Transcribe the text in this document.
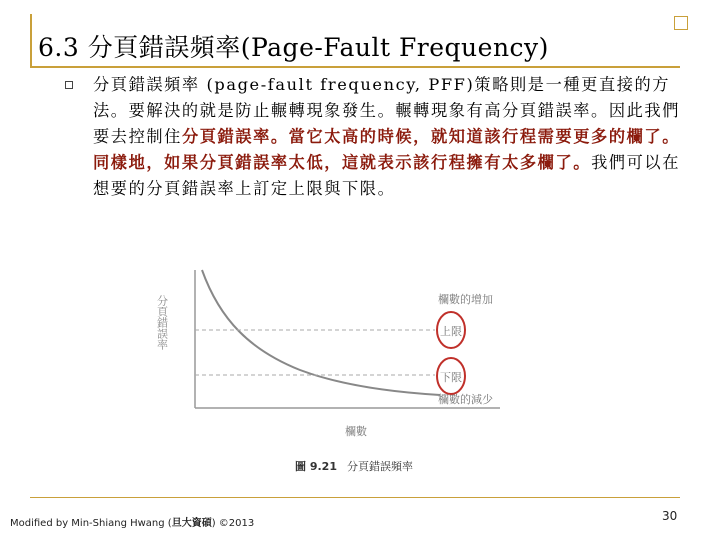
6.3 分頁錯誤頻率(Page-Fault Frequency)
分頁錯誤頻率 (page-fault frequency, PFF)策略則是一種更直接的方法。要解決的就是防止輾轉現象發生。輾轉現象有高分頁錯誤率。因此我們要去控制住分頁錯誤率。當它太高的時候，就知道該行程需要更多的欄了。同樣地，如果分頁錯誤率太低，這就表示該行程擁有太多欄了。我們可以在想要的分頁錯誤率上訂定上限與下限。
分頁錯誤率	欄數的增加
上限
下限
欄數的減少
欄數
圖 9.21 分頁錯誤頻率
Modified by Min-Shiang Hwang (旦大資碩) ©2013
30
